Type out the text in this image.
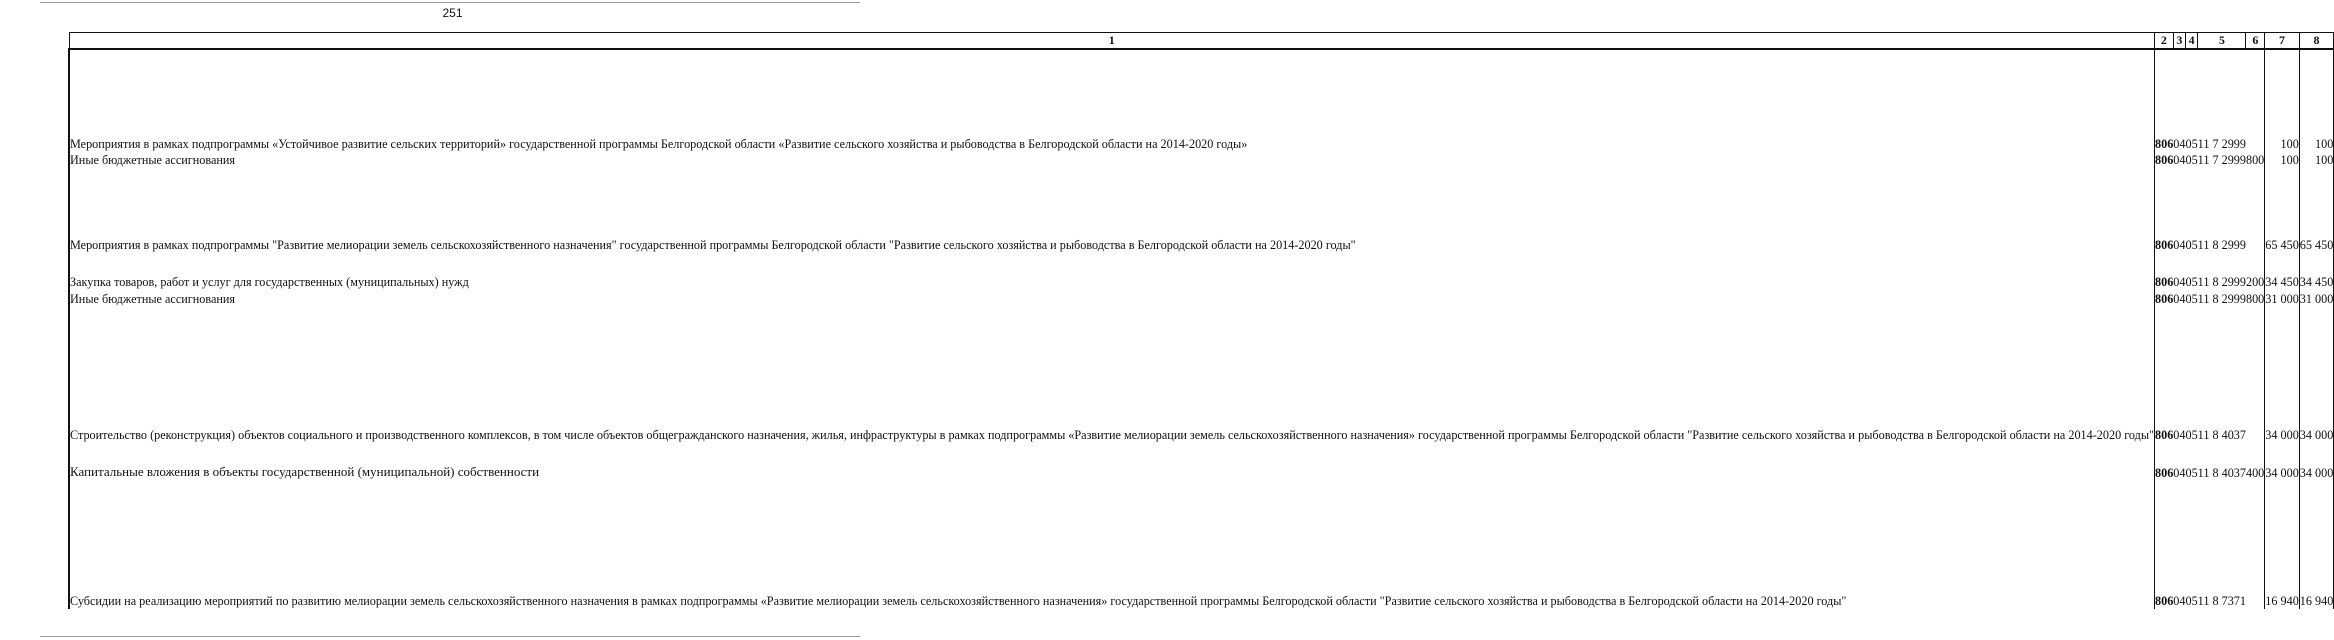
251
1	2	3	4	5	6	7	8

Мероприятия в рамках подпрограммы «Устойчивое развитие сельских территорий» государственной программы Белгородской области «Развитие сельского хозяйства и рыбоводства в Белгородской области на 2014-2020 годы»	806	04	05	11 7 2999		100	100

Иные бюджетные ассигнования	806	04	05	11 7 2999	800	100	100

Мероприятия в рамках подпрограммы "Развитие мелиорации земель сельскохозяйственного назначения" государственной программы Белгородской области "Развитие сельского хозяйства и рыбоводства в Белгородской области на 2014-2020 годы"	806	04	05	11 8 2999		65 450	65 450

Закупка товаров, работ и услуг для государственных (муниципальных) нужд	806	04	05	11 8 2999	200	34 450	34 450

Иные бюджетные ассигнования	806	04	05	11 8 2999	800	31 000	31 000

Строительство (реконструкция) объектов социального и производственного комплексов, в том числе объектов общегражданского назначения, жилья, инфраструктуры в рамках подпрограммы «Развитие мелиорации земель сельскохозяйственного назначения» государственной программы Белгородской области "Развитие сельского хозяйства и рыбоводства в Белгородской области на 2014-2020 годы"	806	04	05	11 8 4037		34 000	34 000

Капитальные вложения в объекты государственной (муниципальной) собственности	806	04	05	11 8 4037	400	34 000	34 000

Субсидии на реализацию мероприятий по развитию мелиорации земель сельскохозяйственного назначения в рамках подпрограммы «Развитие мелиорации земель сельскохозяйственного назначения» государственной программы Белгородской области "Развитие сельского хозяйства и рыбоводства в Белгородской области на 2014-2020 годы"	806	04	05	11 8 7371		16 940	16 940
